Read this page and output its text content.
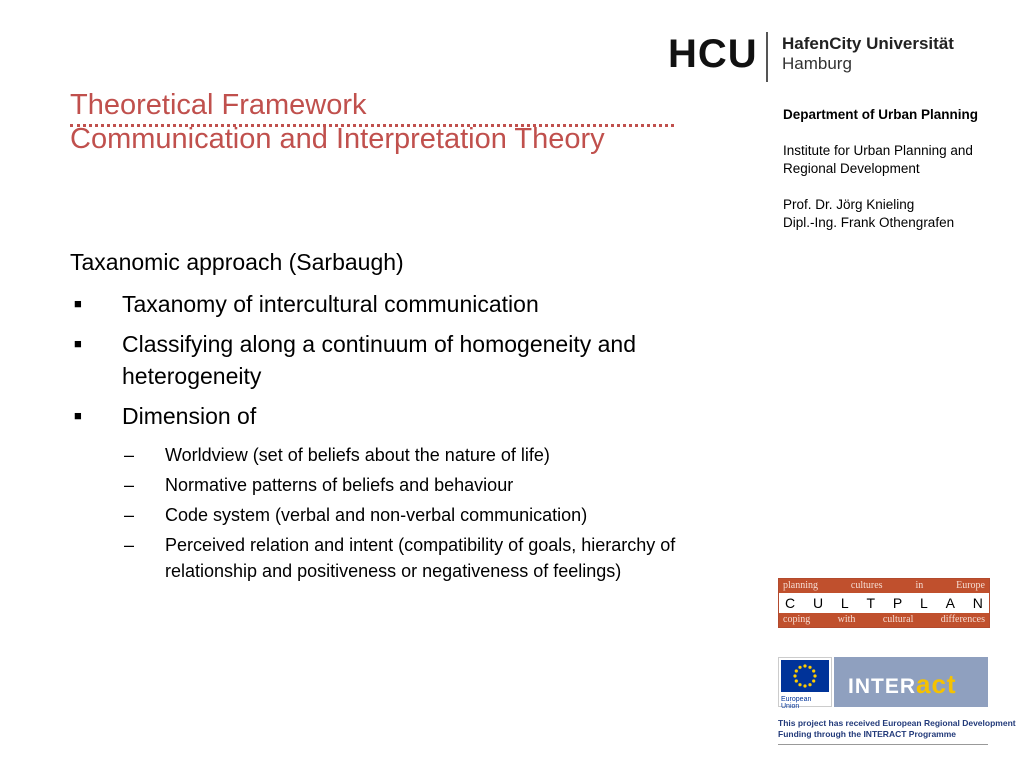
HCU HafenCity Universität
Hamburg
Theoretical Framework
Communication and Interpretation Theory
Department of Urban Planning
Institute for Urban Planning and Regional Development
Prof. Dr. Jörg Knieling
Dipl.-Ing. Frank Othengrafen
Taxanomic approach (Sarbaugh)
■ Taxanomy of intercultural communication
■ Classifying along a continuum of homogeneity and heterogeneity
■ Dimension of
– Worldview (set of beliefs about the nature of life)
– Normative patterns of beliefs and behaviour
– Code system (verbal and non-verbal communication)
– Perceived relation and intent (compatibility of goals, hierarchy of relationship and positiveness or negativeness of feelings)
planning	cultures	in	Europe
C U L T P L A N
coping	with	cultural	differences
European Union
INTERact
This project has received European Regional Development
Funding through the INTERACT Programme
